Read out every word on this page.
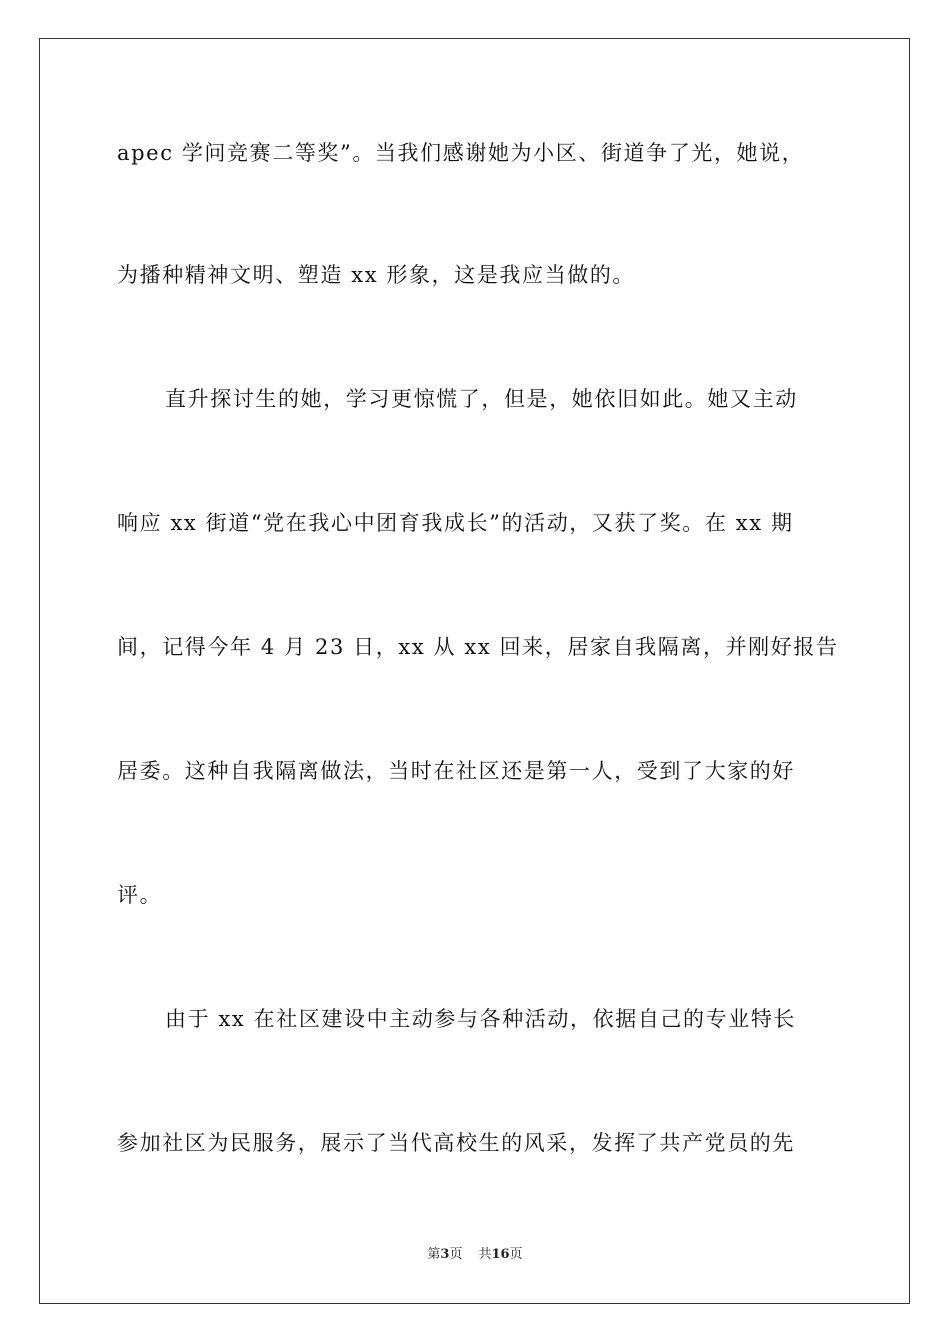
apec 学问竞赛二等奖”。当我们感谢她为小区、街道争了光，她说，
为播种精神文明、塑造 xx 形象，这是我应当做的。
直升探讨生的她，学习更惊慌了，但是，她依旧如此。她又主动
响应 xx 街道“党在我心中团育我成长”的活动，又获了奖。在 xx 期
间，记得今年 4 月 23 日，xx 从 xx 回来，居家自我隔离，并刚好报告
居委。这种自我隔离做法，当时在社区还是第一人，受到了大家的好
评。
由于 xx 在社区建设中主动参与各种活动，依据自己的专业特长
参加社区为民服务，展示了当代高校生的风采，发挥了共产党员的先
第3页 共16页
